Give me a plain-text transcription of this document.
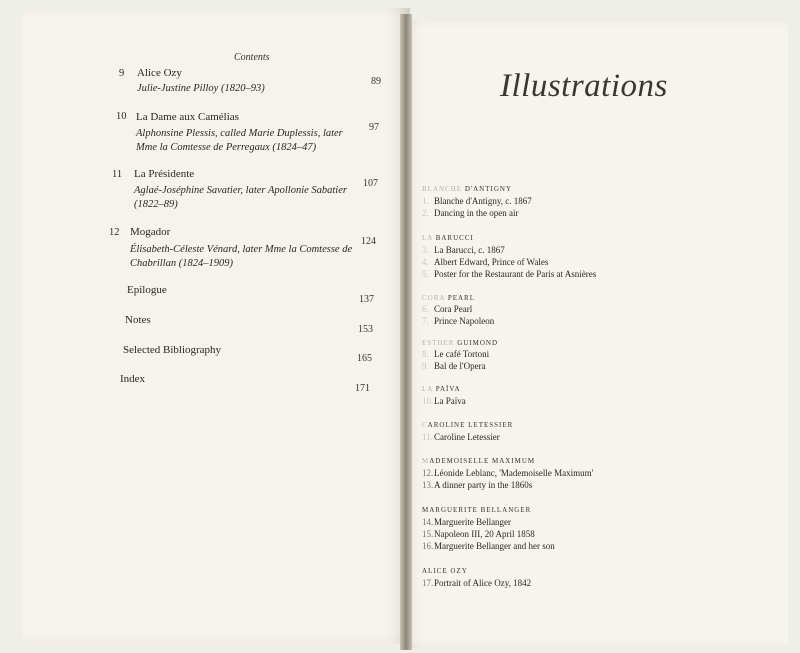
Contents
9 Alice Ozy
Julie-Justine Pilloy (1820–93)
89
10 La Dame aux Camélias
Alphonsine Plessis, called Marie Duplessis, later Mme la Comtesse de Perregaux (1824–47)
97
11 La Présidente
Aglaé-Joséphine Savatier, later Apollonie Sabatier (1822–89)
107
12 Mogador
Élisabeth-Céleste Vénard, later Mme la Comtesse de Chabrillan (1824–1909)
124
Epilogue
137
Notes
153
Selected Bibliography
165
Index
171
Illustrations
BLANCHE D'ANTIGNY
1. Blanche d'Antigny, c. 1867
2. Dancing in the open air
LA BARUCCI
3. La Barucci, c. 1867
4. Albert Edward, Prince of Wales
5. Poster for the Restaurant de Paris at Asnières
CORA PEARL
6. Cora Pearl
7. Prince Napoleon
ESTHER GUIMOND
8. Le café Tortoni
9. Bal de l'Opera
LA PAÏVA
10.La Païva
CAROLINE LETESSIER
11.Caroline Letessier
MADEMOISELLE MAXIMUM
12.Léonide Leblanc, 'Mademoiselle Maximum'
13.A dinner party in the 1860s
MARGUERITE BELLANGER
14.Marguerite Bellanger
15.Napoleon III, 20 April 1858
16.Marguerite Bellanger and her son
ALICE OZY
17.Portrait of Alice Ozy, 1842
